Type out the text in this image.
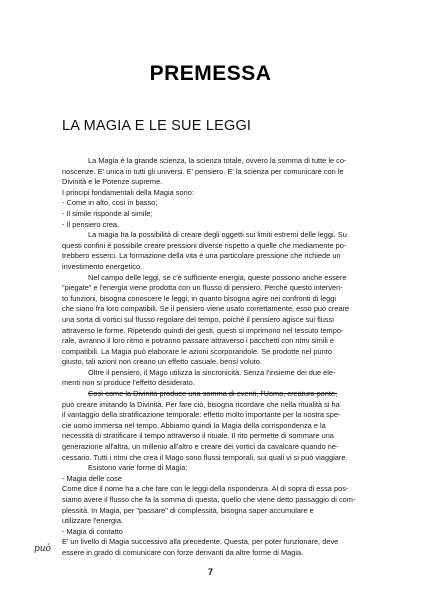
PREMESSA
LA MAGIA E LE SUE LEGGI
La Magia è la grande scienza, la scienza totale, ovvero la somma di tutte le co-
noscenze. E' unica in tutti gli universi. E' pensiero. E' la scienza per comunicare con le
Divinità e le Potenze supreme.
I principi fondamentali della Magia sono:
- Come in alto, così in basso;
- Il simile risponde al simile;
- Il pensiero crea.
La magia ha la possibilità di creare degli oggetti sui limiti estremi delle leggi. Su
questi confini è possibile creare pressioni diverse rispetto a quelle che mediamente po-
trebbero esserci. La formazione della vita è una particolare pressione che richiede un
investimento energetico.
Nel campo delle leggi, se c'è sufficiente energia, queste possono anche essere
"piegate" e l'energia viene prodotta con un flusso di pensiero. Perché questo interven-
to funzioni, bisogna conoscere le leggi, in quanto bisogna agire nei confronti di leggi
che siano fra loro compatibili. Se il pensiero viene usato correttamente, esso può creare
una sorta di vortici sul flusso regolare del tempo, poiché il pensiero agisce sui flussi
attraverso le forme. Ripetendo quindi dei gesti, questi si imprimono nel tessuto tempo-
rale, avranno il loro ritmo e potranno passare attraverso i pacchetti con ritmi simili e
compatibili. La Magia può elaborare le azioni scorporandole. Se prodotte nel punto
giusto, tali azioni non creano un effetto casuale, bensì voluto.
Oltre il pensiero, il Mago utilizza la sincronicità. Senza l'insieme dei due ele-
menti non si produce l'effetto desiderato.
Così come la Divinità produce una somma di eventi, l'Uomo, creatura ponte,
può creare imitando la Divinità. Per fare ciò, bisogna ricordare che nella ritualità si ha
il vantaggio della stratificazione temporale: effetto molto importante per la nostra spe-
cie uomo immersa nel tempo. Abbiamo quindi la Magia della corrispondenza e la
necessità di stratificare il tempo attraverso il rituale. Il rito permette di sommare una
generazione all'altra, un millenio all'altro e creare dei vortici da cavalcare quando ne-
cessario. Tutti i ritmi che crea il Mago sono flussi temporali, sui quali vi si può viaggiare.
Esistono varie forme di Magia:
- Magia delle cose
Come dice il nome ha a che fare con le leggi della rispondenza. Al di sopra di essa pos-
siamo avere il flusso che fa la somma di questa, quello che viene detto passaggio di com-
plessità. In Magia, per "passare" di complessità, bisogna saper accumulare e
utilizzare l'energia.
- Magia di contatto
E' un livello di Magia successivo alla precedente. Questa, per poter funzionare, deve
essere in grado di comunicare con forze derivanti da altre forme di Magia.
può
7
